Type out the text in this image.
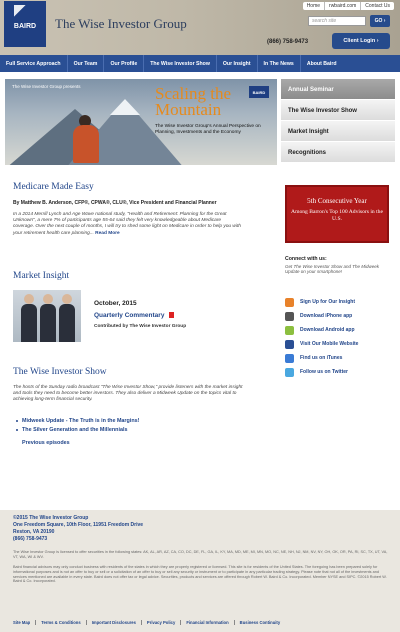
BAIRD	The Wise Investor Group
Home	rwbaird.com	Contact Us
search site	GO ›
(866) 758-9473	Client Login ›
Full Service Approach	Our Team	Our Profile	The Wise Investor Show	Our Insight	In The News	About Baird
The Wise Investor Group presents	Scaling the Mountain
The Wise Investor Group's Annual Perspective on Planning, Investments and the Economy
BAIRD	Annual Seminar
The Wise Investor Show
Market Insight
Recognitions
Medicare Made Easy
By Matthew B. Anderson, CFP®, CPWA®, CLU®, Vice President and Financial Planner
In a 2014 Merrill Lynch and Age Wave national study, "Health and Retirement: Planning for the Great Unknown", a mere 7% of participants age 55-64 said they felt very knowledgeable about Medicare coverage. Over the next couple of months, I will try to shed some light on Medicare in order to help you with your retirement health care planning... Read More
Market Insight
October, 2015
Quarterly Commentary
Contributed by The Wise Investor Group
The Wise Investor Show
The hosts of the Sunday radio broadcast "The Wise Investor Show," provide listeners with the market insight and tools they need to become better investors. They also deliver a Midweek Update on the topics vital to achieving long-term financial security.
Midweek Update - The Truth is in the Margins!
The Silver Generation and the Millennials
Previous episodes
5th Consecutive Year
Among Barron's Top 100 Advisors in the U.S.
Connect with us:
Get The Wise Investor Show and The Midweek Update on your smartphone!
Sign Up for Our Insight
Download iPhone app
Download Android app
Visit Our Mobile Website
Find us on iTunes
Follow us on Twitter
©2015 The Wise Investor Group
One Freedom Square, 10th Floor, 11951 Freedom Drive
Reston, VA 20190
(866) 758-9473
The Wise Investor Group is licensed to offer securities in the following states: AK, AL, AR, AZ, CA, CO, DC, DE, FL, GA, IL, KY, MA, MD, ME, MI, MN, MO, NC, NE, NH, NJ, NM, NV, NY, OH, OK, OR, PA, RI, SC, TX, UT, VA, VT, WA, WI & WV.
Baird financial advisors may only conduct business with residents of the states in which they are properly registered or licensed. This site is for residents of the United States. The foregoing has been prepared solely for informational purposes and is not an offer to buy or sell or a solicitation of an offer to buy or sell any security or instrument or to participate in any particular trading strategy. Please note that not all of the investments and services mentioned are available in every state. Baird does not offer tax or legal advice. Securities, products and services are offered through Robert W. Baird & Co. Incorporated. Member NYSE and SIPC. ©2015 Robert W. Baird & Co. Incorporated.
Site Map	Terms & Conditions	Important Disclosures	Privacy Policy	Financial Information	Business Continuity
